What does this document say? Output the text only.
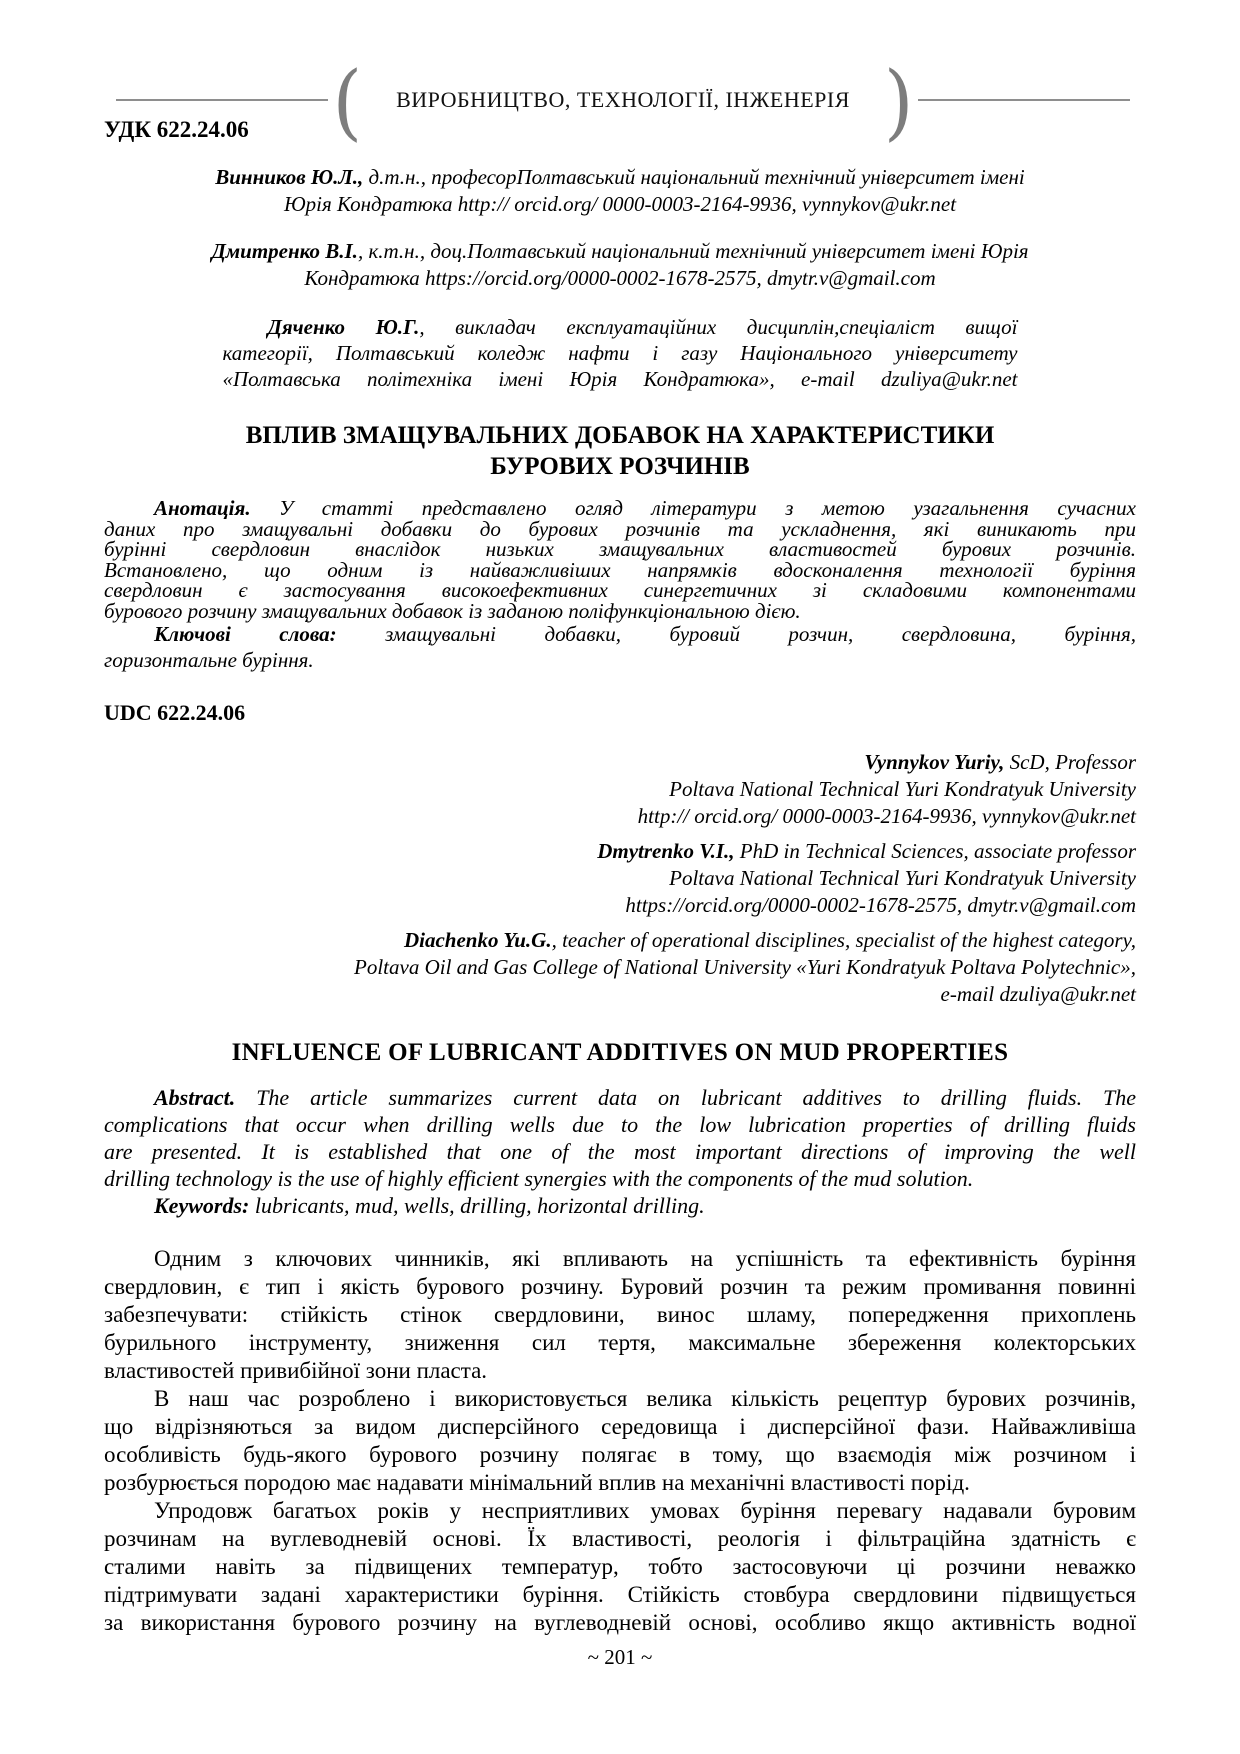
(	ВИРОБНИЦТВО, ТЕХНОЛОГІЇ, ІНЖЕНЕРІЯ )
УДК 622.24.06

Винников Ю.Л., д.т.н., професорПолтавський національний технічний університет імені
Юрія Кондратюка http:// orcid.org/ 0000-0003-2164-9936, vynnykov@ukr.net

Дмитренко В.І., к.т.н., доц.Полтавський національний технічний університет імені Юрія
Кондратюка https://orcid.org/0000-0002-1678-2575, dmytr.v@gmail.com

Дяченко Ю.Г., викладач експлуатаційних дисциплін,спеціаліст вищої
категорії, Полтавський коледж нафти і газу Національного університету
«Полтавська політехніка імені Юрія Кондратюка», e-mail dzuliya@ukr.net
ВПЛИВ ЗМАЩУВАЛЬНИХ ДОБАВОК НА ХАРАКТЕРИСТИКИ
БУРОВИХ РОЗЧИНІВ
Анотація. У статті представлено огляд літератури з метою узагальнення сучасних
даних про змащувальні добавки до бурових розчинів та ускладнення, які виникають при
бурінні свердловин внаслідок низьких змащувальних властивостей бурових розчинів.
Встановлено, що одним із найважливіших напрямків вдосконалення технології буріння
свердловин є застосування високоефективних синергетичних зі складовими компонентами
бурового розчину змащувальних добавок із заданою поліфункціональною дією.
Ключові слова: змащувальні добавки, буровий розчин, свердловина, буріння,
горизонтальне буріння.
UDC 622.24.06

Vynnykov Yuriy, ScD, Professor
Poltava National Technical Yuri Kondratyuk University
http:// orcid.org/ 0000-0003-2164-9936, vynnykov@ukr.net

Dmytrenko V.I., PhD in Technical Sciences, associate professor
Poltava National Technical Yuri Kondratyuk University
https://orcid.org/0000-0002-1678-2575, dmytr.v@gmail.com

Diachenko Yu.G., teacher of operational disciplines, specialist of the highest category,
Poltava Oil and Gas College of National University «Yuri Kondratyuk Poltava Polytechnic»,
e-mail dzuliya@ukr.net

INFLUENCE OF LUBRICANT ADDITIVES ON MUD PROPERTIES
Abstract. The article summarizes current data on lubricant additives to drilling fluids. The
complications that occur when drilling wells due to the low lubrication properties of drilling fluids
are presented. It is established that one of the most important directions of improving the well
drilling technology is the use of highly efficient synergies with the components of the mud solution.
Keywords: lubricants, mud, wells, drilling, horizontal drilling.
Одним з ключових чинників, які впливають на успішність та ефективність буріння
свердловин, є тип і якість бурового розчину. Буровий розчин та режим промивання повинні
забезпечувати: стійкість стінок свердловини, винос шламу, попередження прихоплень
бурильного інструменту, зниження сил тертя, максимальне збереження колекторських
властивостей привибійної зони пласта.
В наш час розроблено і використовується велика кількість рецептур бурових розчинів,
що відрізняються за видом дисперсійного середовища і дисперсійної фази. Найважливіша
особливість будь-якого бурового розчину полягає в тому, що взаємодія між розчином і
розбурюється породою має надавати мінімальний вплив на механічні властивості порід.
Упродовж багатьох років у несприятливих умовах буріння перевагу надавали буровим
розчинам на вуглеводневій основі. Їх властивості, реологія і фільтраційна здатність є
сталими навіть за підвищених температур, тобто застосовуючи ці розчини неважко
підтримувати задані характеристики буріння. Стійкість стовбура свердловини підвищується
за використання бурового розчину на вуглеводневій основі, особливо якщо активність водної
~ 201 ~
